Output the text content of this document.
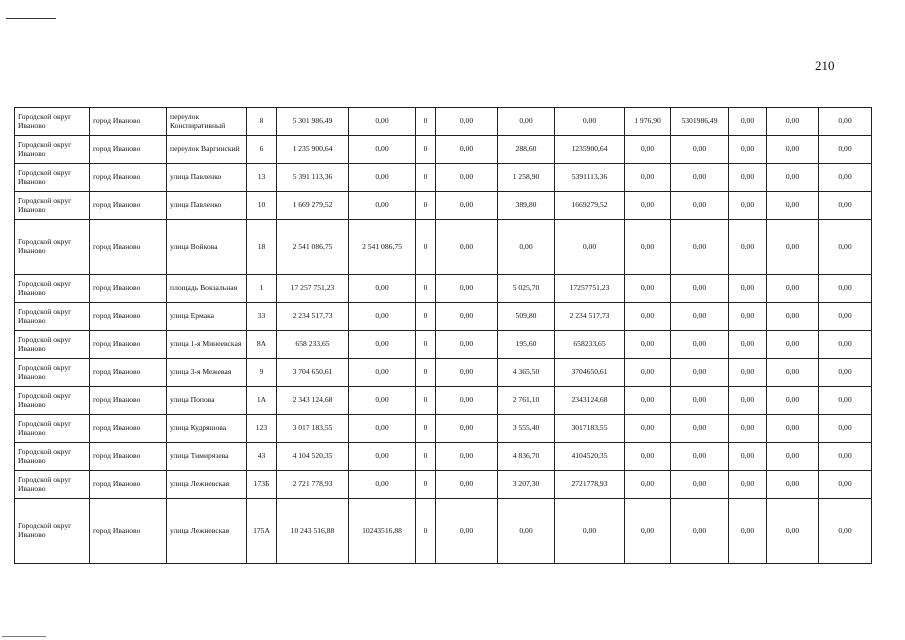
210
Городской округ Иваново	город Иваново	переулок Конспиративный	8	5 301 986,49	0,00	0	0,00	0,00	0,00	1 976,90	5301986,49	0,00	0,00	0,00
Городской округ Иваново	город Иваново	переулок Варгинский	6	1 235 900,64	0,00	0	0,00	288,60	1235900,64	0,00	0,00	0,00	0,00	0,00
Городской округ Иваново	город Иваново	улица Павленко	13	5 391 113,36	0,00	0	0,00	1 258,90	5391113,36	0,00	0,00	0,00	0,00	0,00
Городской округ Иваново	город Иваново	улица Павленко	10	1 669 279,52	0,00	0	0,00	389,80	1669279,52	0,00	0,00	0,00	0,00	0,00
Городской округ Иваново	город Иваново	улица Войкова	18	2 541 086,75	2 541 086,75	0	0,00	0,00	0,00	0,00	0,00	0,00	0,00	0,00
Городской округ Иваново	город Иваново	площадь Вокзальная	1	17 257 751,23	0,00	0	0,00	5 025,70	17257751,23	0,00	0,00	0,00	0,00	0,00
Городской округ Иваново	город Иваново	улица Ермака	33	2 234 517,73	0,00	0	0,00	509,80	2 234 517,73	0,00	0,00	0,00	0,00	0,00
Городской округ Иваново	город Иваново	улица 1-я Минеевская	8А	658 233,65	0,00	0	0,00	195,60	658233,65	0,00	0,00	0,00	0,00	0,00
Городской округ Иваново	город Иваново	улица 3-я Межевая	9	3 704 650,61	0,00	0	0,00	4 365,50	3704650,61	0,00	0,00	0,00	0,00	0,00
Городской округ Иваново	город Иваново	улица Попова	1А	2 343 124,68	0,00	0	0,00	2 761,10	2343124,68	0,00	0,00	0,00	0,00	0,00
Городской округ Иваново	город Иваново	улица Кудряшова	123	3 017 183,55	0,00	0	0,00	3 555,40	3017183,55	0,00	0,00	0,00	0,00	0,00
Городской округ Иваново	город Иваново	улица Тимирязева	43	4 104 520,35	0,00	0	0,00	4 836,70	4104520,35	0,00	0,00	0,00	0,00	0,00
Городской округ Иваново	город Иваново	улица Лежневская	173Б	2 721 778,93	0,00	0	0,00	3 207,30	2721778,93	0,00	0,00	0,00	0,00	0,00
Городской округ Иваново	город Иваново	улица Лежневская	175А	10 243 516,88	10243516,88	0	0,00	0,00	0,00	0,00	0,00	0,00	0,00	0,00
